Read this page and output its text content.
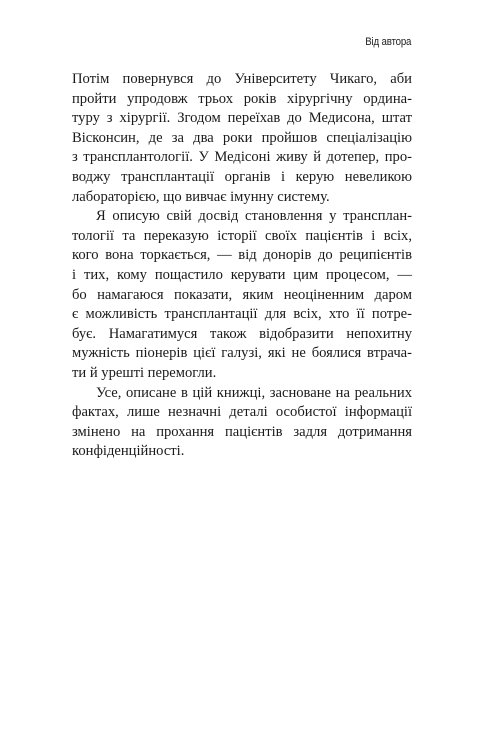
Від автора

Потім повернувся до Університету Чикаго, аби
пройти упродовж трьох років хірургічну ордина-
туру з хірургії. Згодом переїхав до Медисона, штат
Вісконсин, де за два роки пройшов спеціалізацію
з трансплантології. У Медісоні живу й дотепер, про-
воджу трансплантації органів і керую невеликою
лабораторією, що вивчає імунну систему.

Я описую свій досвід становлення у трансплан-
тології та переказую історії своїх пацієнтів і всіх,
кого вона торкається, — від донорів до реципієнтів
і тих, кому пощастило керувати цим процесом, —
бо намагаюся показати, яким неоціненним даром
є можливість трансплантації для всіх, хто її потре-
бує. Намагатимуся також відобразити непохитну
мужність піонерів цієї галузі, які не боялися втрача-
ти й урешті перемогли.

Усе, описане в цій книжці, засноване на реальних
фактах, лише незначні деталі особистої інформації
змінено на прохання пацієнтів задля дотримання
конфіденційності.
